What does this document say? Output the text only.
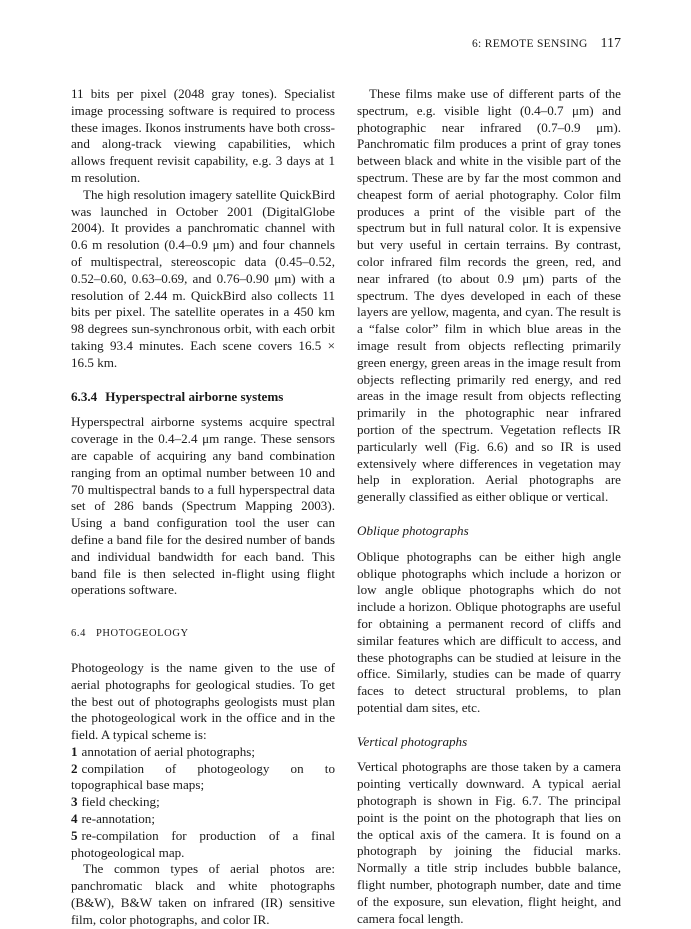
6: REMOTE SENSING 117

11 bits per pixel (2048 gray tones). Specialist image processing software is required to process these images. Ikonos instruments have both cross- and along-track viewing capabilities, which allows frequent revisit capability, e.g. 3 days at 1 m resolution.

The high resolution imagery satellite QuickBird was launched in October 2001 (DigitalGlobe 2004). It provides a panchromatic channel with 0.6 m resolution (0.4–0.9 μm) and four channels of multispectral, stereoscopic data (0.45–0.52, 0.52–0.60, 0.63–0.69, and 0.76–0.90 μm) with a resolution of 2.44 m. QuickBird also collects 11 bits per pixel. The satellite operates in a 450 km 98 degrees sun-synchronous orbit, with each orbit taking 93.4 minutes. Each scene covers 16.5 × 16.5 km.

6.3.4 Hyperspectral airborne systems

Hyperspectral airborne systems acquire spectral coverage in the 0.4–2.4 μm range. These sensors are capable of acquiring any band combination ranging from an optimal number between 10 and 70 multispectral bands to a full hyperspectral data set of 286 bands (Spectrum Mapping 2003). Using a band configuration tool the user can define a band file for the desired number of bands and individual bandwidth for each band. This band file is then selected in-flight using flight operations software.

6.4 PHOTOGEOLOGY

Photogeology is the name given to the use of aerial photographs for geological studies. To get the best out of photographs geologists must plan the photogeological work in the office and in the field. A typical scheme is:

1 annotation of aerial photographs;

2 compilation of photogeology on to topographical base maps;

3 field checking;

4 re-annotation;

5 re-compilation for production of a final photogeological map.

The common types of aerial photos are: panchromatic black and white photographs (B&W), B&W taken on infrared (IR) sensitive film, color photographs, and color IR.

These films make use of different parts of the spectrum, e.g. visible light (0.4–0.7 μm) and photographic near infrared (0.7–0.9 μm). Panchromatic film produces a print of gray tones between black and white in the visible part of the spectrum. These are by far the most common and cheapest form of aerial photography. Color film produces a print of the visible part of the spectrum but in full natural color. It is expensive but very useful in certain terrains. By contrast, color infrared film records the green, red, and near infrared (to about 0.9 μm) parts of the spectrum. The dyes developed in each of these layers are yellow, magenta, and cyan. The result is a “false color” film in which blue areas in the image result from objects reflecting primarily green energy, green areas in the image result from objects reflecting primarily red energy, and red areas in the image result from objects reflecting primarily in the photographic near infrared portion of the spectrum. Vegetation reflects IR particularly well (Fig. 6.6) and so IR is used extensively where differences in vegetation may help in exploration. Aerial photographs are generally classified as either oblique or vertical.

Oblique photographs

Oblique photographs can be either high angle oblique photographs which include a horizon or low angle oblique photographs which do not include a horizon. Oblique photographs are useful for obtaining a permanent record of cliffs and similar features which are difficult to access, and these photographs can be studied at leisure in the office. Similarly, studies can be made of quarry faces to detect structural problems, to plan potential dam sites, etc.

Vertical photographs

Vertical photographs are those taken by a camera pointing vertically downward. A typical aerial photograph is shown in Fig. 6.7. The principal point is the point on the photograph that lies on the optical axis of the camera. It is found on a photograph by joining the fiducial marks. Normally a title strip includes bubble balance, flight number, photograph number, date and time of the exposure, sun elevation, flight height, and camera focal length.
